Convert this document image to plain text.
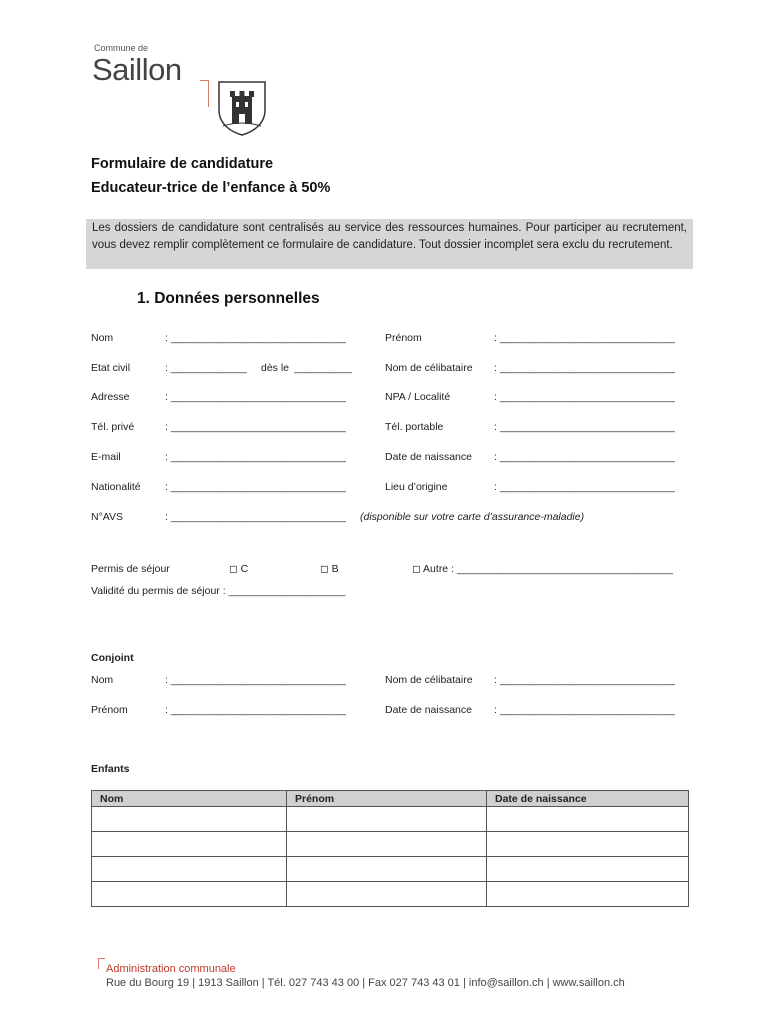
Commune de
Saillon
Formulaire de candidature
Educateur-trice de l’enfance à 50%
Les dossiers de candidature sont centralisés au service des ressources humaines. Pour participer au recrutement, vous devez remplir complètement ce formulaire de candidature. Tout dossier incomplet sera exclu du recrutement.
1. Données personnelles
Nom	: ______________________________	Prénom	: ______________________________
Etat civil	: _____________ dès le __________	Nom de célibataire : ______________________________
Adresse	: ______________________________	NPA / Localité	: ______________________________
Tél. privé	: ______________________________	Tél. portable	: ______________________________
E-mail	: ______________________________	Date de naissance : ______________________________
Nationalité : ______________________________	Lieu d’origine	: ______________________________
N°AVS	: ______________________________ (disponible sur votre carte d’assurance-maladie)
Permis de séjour	◻ C	◻ B	◻ Autre : _____________________________________
Validité du permis de séjour : ____________________
Conjoint
Nom	: ______________________________	Nom de célibataire : ______________________________
Prénom	: ______________________________	Date de naissance : ______________________________
Enfants
Nom	Prénom	Date de naissance

Administration communale
Rue du Bourg 19 | 1913 Saillon | Tél. 027 743 43 00 | Fax 027 743 43 01 | info@saillon.ch | www.saillon.ch
